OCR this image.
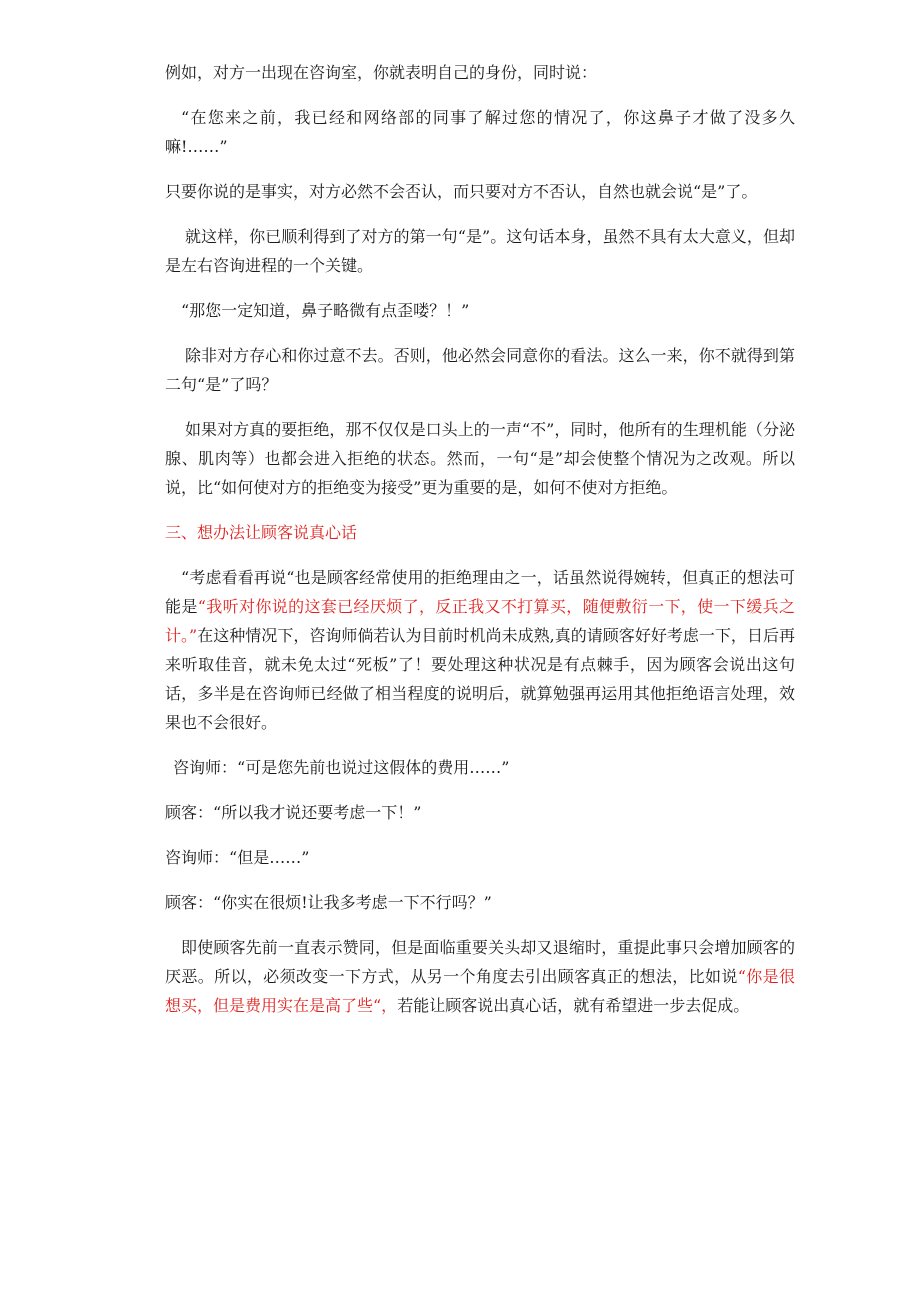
例如，对方一出现在咨询室，你就表明自己的身份，同时说：

“在您来之前，我已经和网络部的同事了解过您的情况了，你这鼻子才做了没多久嘛!……”

只要你说的是事实，对方必然不会否认，而只要对方不否认，自然也就会说“是”了。

就这样，你已顺利得到了对方的第一句“是”。这句话本身，虽然不具有太大意义，但却是左右咨询进程的一个关键。

“那您一定知道，鼻子略微有点歪喽？！”

除非对方存心和你过意不去。否则，他必然会同意你的看法。这么一来，你不就得到第二句“是”了吗？

如果对方真的要拒绝，那不仅仅是口头上的一声“不”，同时，他所有的生理机能（分泌腺、肌肉等）也都会进入拒绝的状态。然而，一句“是”却会使整个情况为之改观。所以说，比“如何使对方的拒绝变为接受”更为重要的是，如何不使对方拒绝。

三、想办法让顾客说真心话

“考虑看看再说“也是顾客经常使用的拒绝理由之一，话虽然说得婉转，但真正的想法可能是“我听对你说的这套已经厌烦了，反正我又不打算买，随便敷衍一下，使一下缓兵之计。”在这种情况下，咨询师倘若认为目前时机尚未成熟,真的请顾客好好考虑一下，日后再来听取佳音，就未免太过“死板”了！要处理这种状况是有点棘手，因为顾客会说出这句话，多半是在咨询师已经做了相当程度的说明后，就算勉强再运用其他拒绝语言处理，效果也不会很好。

咨询师：“可是您先前也说过这假体的费用……”

顾客：“所以我才说还要考虑一下！”

咨询师：“但是……”

顾客：“你实在很烦!让我多考虑一下不行吗？”

即使顾客先前一直表示赞同，但是面临重要关头却又退缩时，重提此事只会增加顾客的厌恶。所以，必须改变一下方式，从另一个角度去引出顾客真正的想法，比如说“你是很想买，但是费用实在是高了些“，若能让顾客说出真心话，就有希望进一步去促成。
